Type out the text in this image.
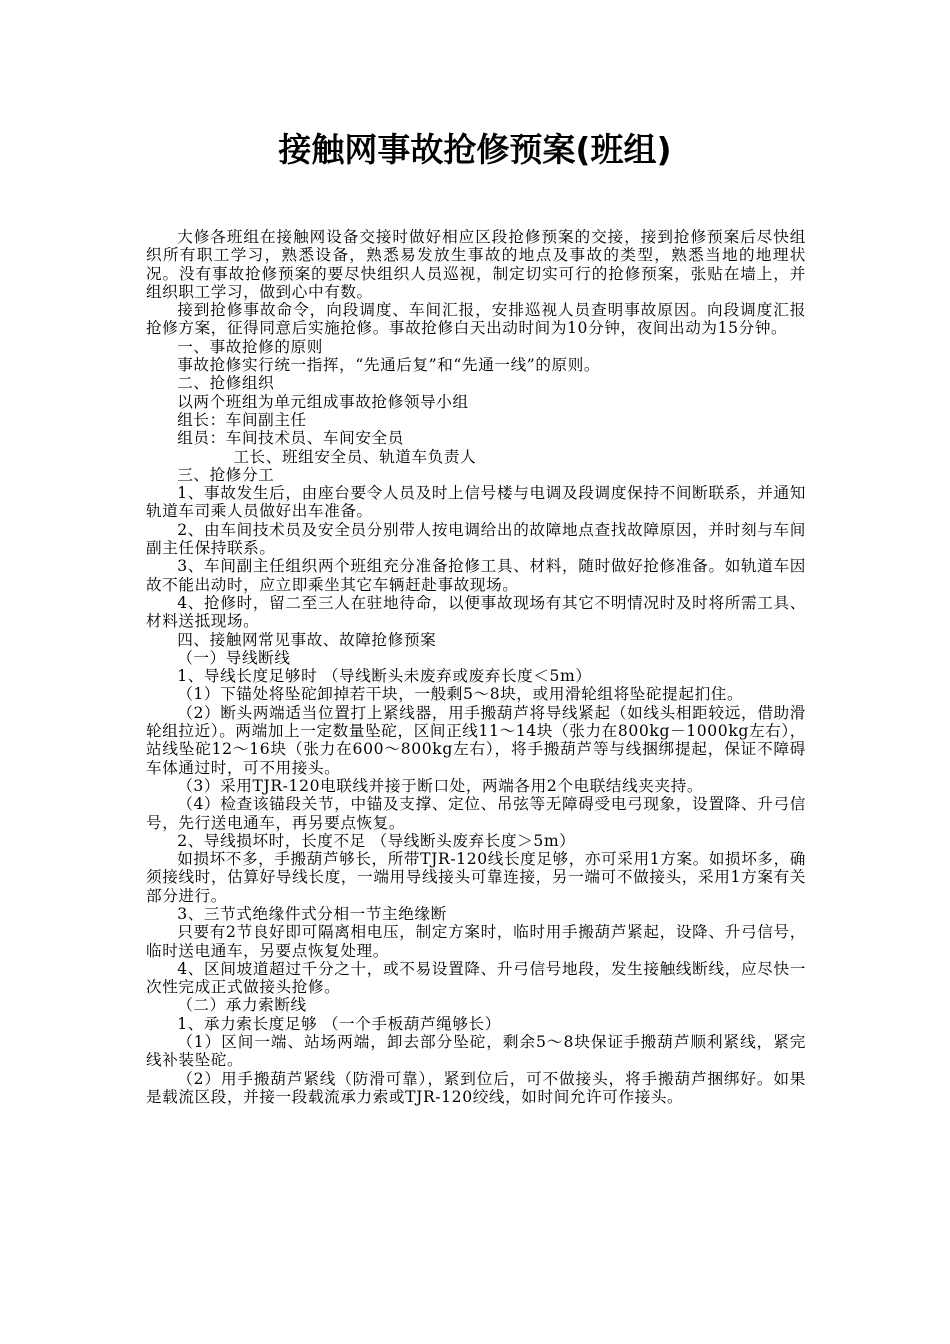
接触网事故抢修预案(班组)

大修各班组在接触网设备交接时做好相应区段抢修预案的交接，接到抢修预案后尽快组织所有职工学习，熟悉设备，熟悉易发放生事故的地点及事故的类型，熟悉当地的地理状况。没有事故抢修预案的要尽快组织人员巡视，制定切实可行的抢修预案，张贴在墙上，并组织职工学习，做到心中有数。

接到抢修事故命令，向段调度、车间汇报，安排巡视人员查明事故原因。向段调度汇报抢修方案，征得同意后实施抢修。事故抢修白天出动时间为10分钟，夜间出动为15分钟。

一、事故抢修的原则

事故抢修实行统一指挥，“先通后复”和“先通一线”的原则。

二、抢修组织

以两个班组为单元组成事故抢修领导小组

组长：车间副主任

组员：车间技术员、车间安全员

工长、班组安全员、轨道车负责人

三、抢修分工

1、事故发生后，由座台要令人员及时上信号楼与电调及段调度保持不间断联系，并通知轨道车司乘人员做好出车准备。

2、由车间技术员及安全员分别带人按电调给出的故障地点查找故障原因，并时刻与车间副主任保持联系。

3、车间副主任组织两个班组充分准备抢修工具、材料，随时做好抢修准备。如轨道车因故不能出动时，应立即乘坐其它车辆赶赴事故现场。

4、抢修时，留二至三人在驻地待命，以便事故现场有其它不明情况时及时将所需工具、材料送抵现场。

四、接触网常见事故、故障抢修预案

（一）导线断线

1、导线长度足够时 （导线断头未废弃或废弃长度＜5m）

（1）下锚处将坠砣卸掉若干块，一般剩5～8块，或用滑轮组将坠砣提起扪住。

（2）断头两端适当位置打上紧线器，用手搬葫芦将导线紧起（如线头相距较远，借助滑轮组拉近）。两端加上一定数量坠砣，区间正线11～14块（张力在800kg－1000kg左右），站线坠砣12～16块（张力在600～800kg左右），将手搬葫芦等与线捆绑提起，保证不障碍车体通过时，可不用接头。

（3）采用TJR-120电联线并接于断口处，两端各用2个电联结线夹夹持。

（4）检查该锚段关节，中锚及支撑、定位、吊弦等无障碍受电弓现象，设置降、升弓信号，先行送电通车，再另要点恢复。

2、导线损坏时，长度不足 （导线断头废弃长度＞5m）

如损坏不多，手搬葫芦够长，所带TJR-120线长度足够，亦可采用1方案。如损坏多，确须接线时，估算好导线长度，一端用导线接头可靠连接，另一端可不做接头，采用1方案有关部分进行。

3、三节式绝缘件式分相一节主绝缘断

只要有2节良好即可隔离相电压，制定方案时，临时用手搬葫芦紧起，设降、升弓信号，临时送电通车，另要点恢复处理。

4、区间坡道超过千分之十，或不易设置降、升弓信号地段，发生接触线断线，应尽快一次性完成正式做接头抢修。

（二）承力索断线

1、承力索长度足够 （一个手板葫芦绳够长）

（1）区间一端、站场两端，卸去部分坠砣，剩余5～8块保证手搬葫芦顺利紧线，紧完线补装坠砣。

（2）用手搬葫芦紧线（防滑可靠），紧到位后，可不做接头，将手搬葫芦捆绑好。如果是载流区段，并接一段载流承力索或TJR-120绞线，如时间允许可作接头。
